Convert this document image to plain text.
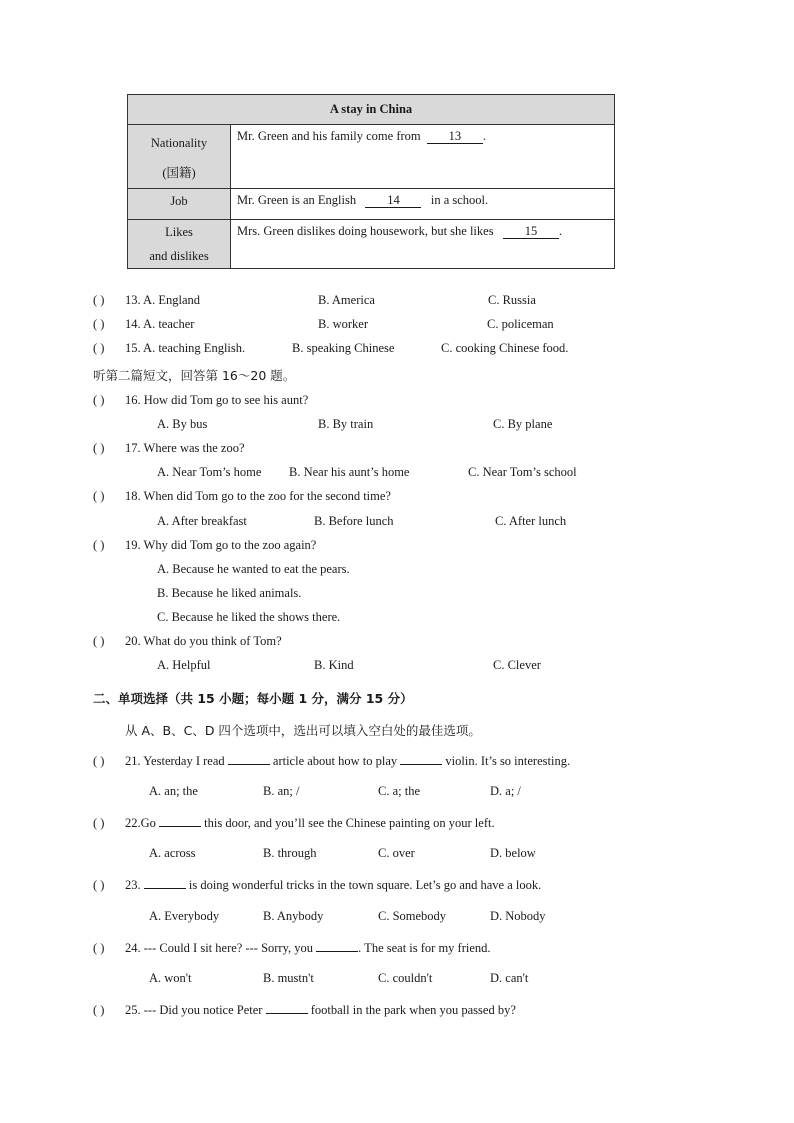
A stay in China	

Nationality
(国籍)	Mr. Green and his family come from 13 .

Job	Mr. Green is an English 14 in a school.

Likes
and dislikes	Mrs. Green dislikes doing housework, but she likes 15 .
( ) 13. A. England	B. America	C. Russia
( ) 14. A. teacher	B. worker	C. policeman
( ) 15. A. teaching English.	B. speaking Chinese	C. cooking Chinese food.
听第二篇短文，回答第 16～20 题。
( ) 16. How did Tom go to see his aunt?
A. By bus	B. By train	C. By plane
( ) 17. Where was the zoo?
A. Near Tom’s home B. Near his aunt’s home	C. Near Tom’s school
( ) 18. When did Tom go to the zoo for the second time?
A. After breakfast	B. Before lunch	C. After lunch
( ) 19. Why did Tom go to the zoo again?
A. Because he wanted to eat the pears.
B. Because he liked animals.
C. Because he liked the shows there.
( ) 20. What do you think of Tom?
A. Helpful	B. Kind	C. Clever
二、单项选择（共 15 小题；每小题 1 分，满分 15 分）
从 A、B、C、D 四个选项中，选出可以填入空白处的最佳选项。
( ) 21. Yesterday I read	article about how to play	violin. It’s so interesting.
A. an; the	B. an; /	C. a; the	D. a; /
( ) 22.Go	this door, and you’ll see the Chinese painting on your left.
A. across	B. through	C. over	D. below
( ) 23.	is doing wonderful tricks in the town square. Let’s go and have a look.
A. Everybody	B. Anybody	C. Somebody	D. Nobody
( ) 24. --- Could I sit here? --- Sorry, you	. The seat is for my friend.
A. won't	B. mustn't	C. couldn't	D. can't
( ) 25. --- Did you notice Peter	football in the park when you passed by?
